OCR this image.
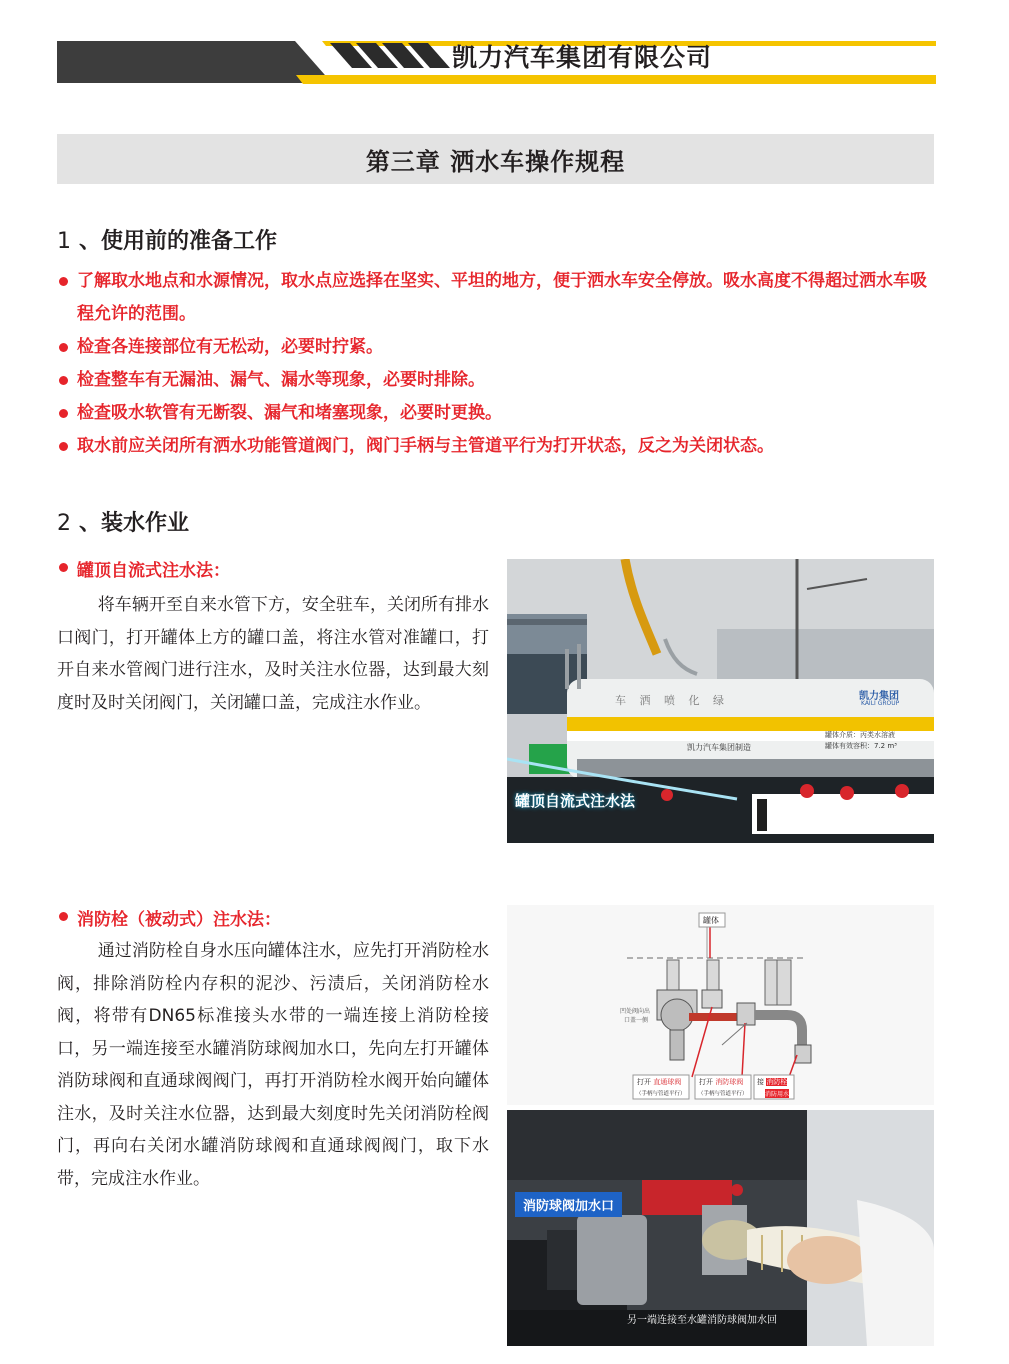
凯力汽车集团有限公司
第三章 洒水车操作规程
1 、使用前的准备工作
了解取水地点和水源情况，取水点应选择在坚实、平坦的地方，便于洒水车安全停放。吸水高度不得超过洒水车吸程允许的范围。
检查各连接部位有无松动，必要时拧紧。
检查整车有无漏油、漏气、漏水等现象，必要时排除。
检查吸水软管有无断裂、漏气和堵塞现象，必要时更换。
取水前应关闭所有洒水功能管道阀门，阀门手柄与主管道平行为打开状态，反之为关闭状态。
2 、装水作业
罐顶自流式注水法：
将车辆开至自来水管下方，安全驻车，关闭所有排水口阀门，打开罐体上方的罐口盖，将注水管对准罐口，打开自来水管阀门进行注水，及时关注水位器，达到最大刻度时及时关闭阀门，关闭罐口盖，完成注水作业。	车 洒 喷 化 绿	凯力集团
KAILI GROUP
凯力汽车集团制造
罐体介质：丙类水溶液
罐体有效容积：7.2 m³
罐顶自流式注水法
消防栓（被动式）注水法：
通过消防栓自身水压向罐体注水，应先打开消防栓水阀，排除消防栓内存积的泥沙、污渍后，关闭消防栓水阀，将带有DN65标准接头水带的一端连接上消防栓接口，另一端连接至水罐消防球阀加水口，先向左打开罐体消防球阀和直通球阀阀门，再打开消防栓水阀开始向罐体注水，及时关注水位器，达到最大刻度时先关闭消防栓阀门，再向右关闭水罐消防球阀和直通球阀阀门，取下水带，完成注水作业。
罐体
凹处阀向出
口盖一侧
打开 直通球阀
（手柄与管道平行）
打开 消防球阀
（手柄与管道平行）
接 消防栓
消防用水
消防球阀加水口
另一端连接至水罐消防球阀加水回
